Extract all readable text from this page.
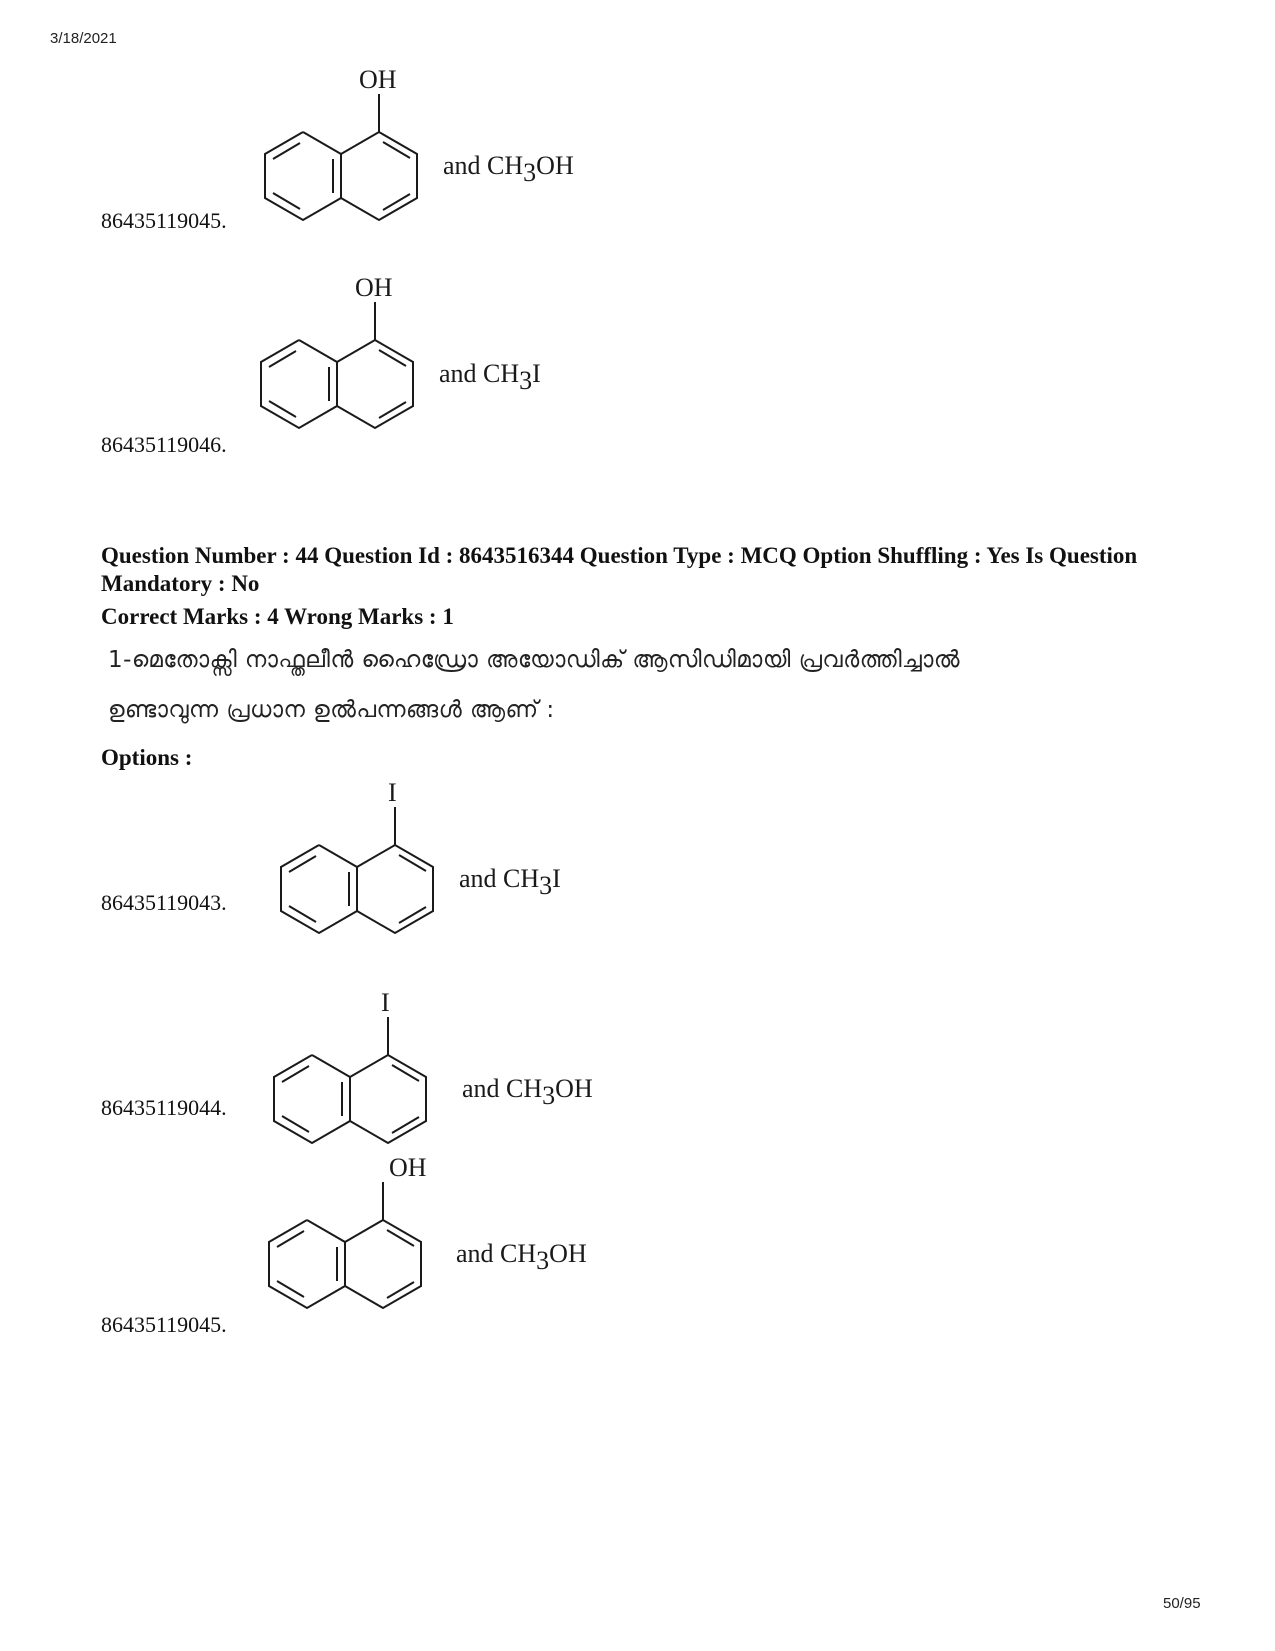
3/18/2021
OH
and CH3OH
86435119045.
OH
and CH3I
86435119046.
Question Number : 44 Question Id : 8643516344 Question Type : MCQ Option Shuffling : Yes Is Question Mandatory : No
Correct Marks : 4 Wrong Marks : 1
1-മെതോക്സി നാഫ്തലീൻ ഹൈഡ്രോ അയോഡിക് ആസിഡിമായി പ്രവർത്തിച്ചാൽ
ഉണ്ടാവുന്ന പ്രധാന ഉൽപന്നങ്ങൾ ആണ് :
Options :
I
and CH3I
86435119043.
I
and CH3OH
86435119044.
OH
and CH3OH
86435119045.
50/95
